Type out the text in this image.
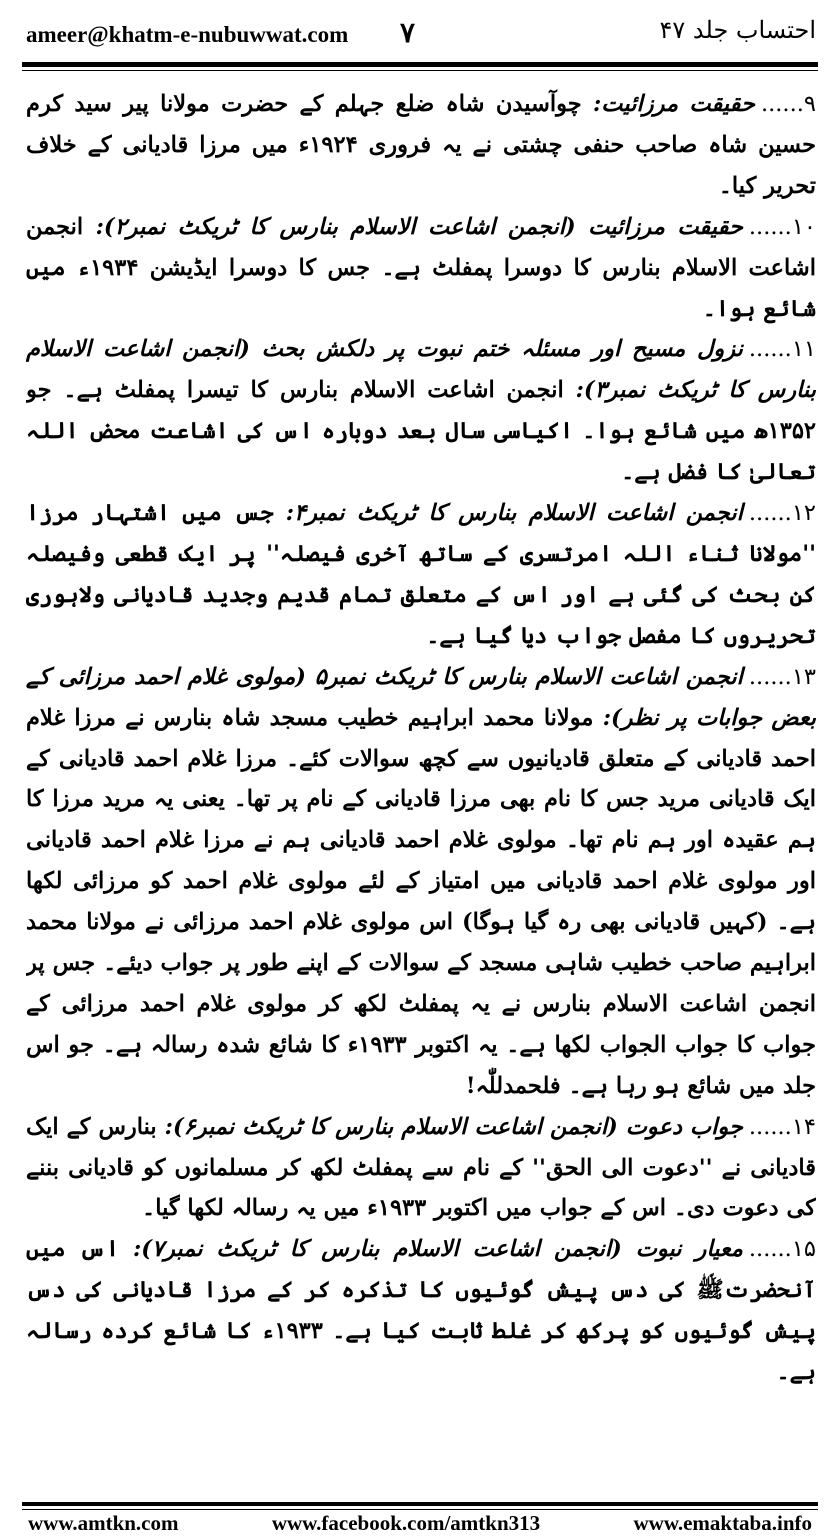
ameer@khatm-e-nubuwwat.com ۷	احتساب جلد ۴۷

۹......حقیقت مرزائیت: چوآسیدن شاہ ضلع جہلم کے حضرت مولانا پیر سید کرم حسین شاہ صاحب حنفی چشتی نے یہ فروری ۱۹۲۴ء میں مرزا قادیانی کے خلاف تحریر کیا۔

۱۰......حقیقت مرزائیت (انجمن اشاعت الاسلام بنارس کا ٹریکٹ نمبر۲): انجمن اشاعت الاسلام بنارس کا دوسرا پمفلٹ ہے۔ جس کا دوسرا ایڈیشن ۱۹۳۴ء میں شائع ہوا۔

۱۱......نزول مسیح اور مسئلہ ختم نبوت پر دلکش بحث (انجمن اشاعت الاسلام بنارس کا ٹریکٹ نمبر۳): انجمن اشاعت الاسلام بنارس کا تیسرا پمفلٹ ہے۔ جو ۱۳۵۲ھ میں شائع ہوا۔ اکیاسی سال بعد دوبارہ اس کی اشاعت محض اللہ تعالیٰ کا فضل ہے۔

۱۲......انجمن اشاعت الاسلام بنارس کا ٹریکٹ نمبر۴: جس میں اشتہار مرزا ''مولانا ثناء اللہ امرتسری کے ساتھ آخری فیصلہ'' پر ایک قطعی وفیصلہ کن بحث کی گئی ہے اور اس کے متعلق تمام قدیم وجدید قادیانی ولاہوری تحریروں کا مفصل جواب دیا گیا ہے۔

۱۳......انجمن اشاعت الاسلام بنارس کا ٹریکٹ نمبر۵ (مولوی غلام احمد مرزائی کے بعض جوابات پر نظر): مولانا محمد ابراہیم خطیب مسجد شاہ بنارس نے مرزا غلام احمد قادیانی کے متعلق قادیانیوں سے کچھ سوالات کئے۔ مرزا غلام احمد قادیانی کے ایک قادیانی مرید جس کا نام بھی مرزا قادیانی کے نام پر تھا۔ یعنی یہ مرید مرزا کا ہم عقیدہ اور ہم نام تھا۔ مولوی غلام احمد قادیانی ہم نے مرزا غلام احمد قادیانی اور مولوی غلام احمد قادیانی میں امتیاز کے لئے مولوی غلام احمد کو مرزائی لکھا ہے۔ (کہیں قادیانی بھی رہ گیا ہوگا) اس مولوی غلام احمد مرزائی نے مولانا محمد ابراہیم صاحب خطیب شاہی مسجد کے سوالات کے اپنے طور پر جواب دیئے۔ جس پر انجمن اشاعت الاسلام بنارس نے یہ پمفلٹ لکھ کر مولوی غلام احمد مرزائی کے جواب کا جواب الجواب لکھا ہے۔ یہ اکتوبر ۱۹۳۳ء کا شائع شدہ رسالہ ہے۔ جو اس جلد میں شائع ہو رہا ہے۔ فلحمدللّٰہ!

۱۴......جواب دعوت (انجمن اشاعت الاسلام بنارس کا ٹریکٹ نمبر۶): بنارس کے ایک قادیانی نے ''دعوت الی الحق'' کے نام سے پمفلٹ لکھ کر مسلمانوں کو قادیانی بننے کی دعوت دی۔ اس کے جواب میں اکتوبر ۱۹۳۳ء میں یہ رسالہ لکھا گیا۔

۱۵......معیار نبوت (انجمن اشاعت الاسلام بنارس کا ٹریکٹ نمبر۷): اس میں آنحضرتﷺ کی دس پیش گوئیوں کا تذکرہ کر کے مرزا قادیانی کی دس پیش گوئیوں کو پرکھ کر غلط ثابت کیا ہے۔ ۱۹۳۳ء کا شائع کردہ رسالہ ہے۔

www.amtkn.com	www.facebook.com/amtkn313	www.emaktaba.info
